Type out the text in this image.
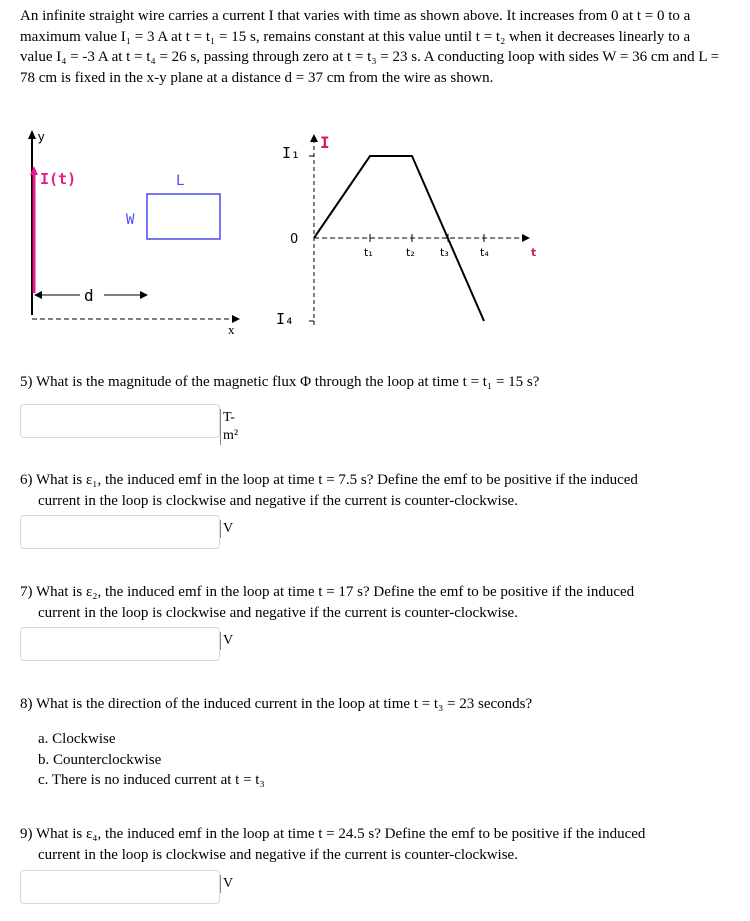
An infinite straight wire carries a current I that varies with time as shown above. It increases from 0 at t = 0 to a maximum value I₁ = 3 A at t = t₁ = 15 s, remains constant at this value until t = t₂ when it decreases linearly to a value I₄ = -3 A at t = t₄ = 26 s, passing through zero at t = t₃ = 23 s. A conducting loop with sides W = 36 cm and L = 78 cm is fixed in the x-y plane at a distance d = 37 cm from the wire as shown.
y
I(t)
x
d
L
W
I
t
I₁
0
I₄
t₁	t₂ t₃	t₄
5) What is the magnitude of the magnetic flux Φ through the loop at time t = t₁ = 15 s?
T-m²
6) What is ε₁, the induced emf in the loop at time t = 7.5 s? Define the emf to be positive if the induced
current in the loop is clockwise and negative if the current is counter-clockwise.
V
7) What is ε₂, the induced emf in the loop at time t = 17 s? Define the emf to be positive if the induced
current in the loop is clockwise and negative if the current is counter-clockwise.
V
8) What is the direction of the induced current in the loop at time t = t₃ = 23 seconds?
a. Clockwise
b. Counterclockwise
c. There is no induced current at t = t₃
9) What is ε₄, the induced emf in the loop at time t = 24.5 s? Define the emf to be positive if the induced
current in the loop is clockwise and negative if the current is counter-clockwise.
V
